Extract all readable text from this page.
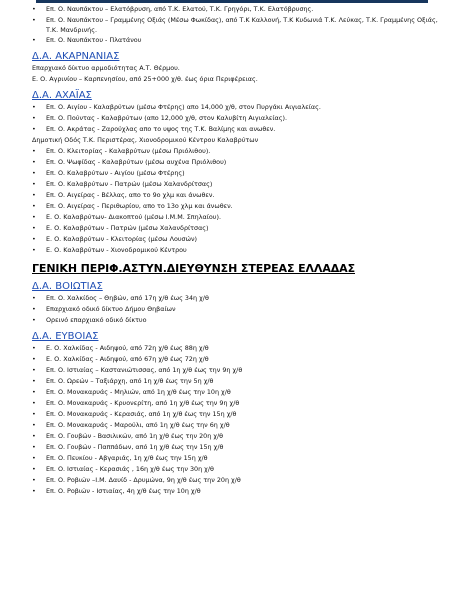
• Επ. Ο. Ναυπάκτου – Ελατόβρυση, από Τ.Κ. Ελατού, Τ.Κ. Γρηγόρι, Τ.Κ. Ελατόβρυσης.
• Επ. Ο. Ναυπάκτου – Γραμμένης Οξιάς (Μέσω Φωκίδας), από Τ.Κ Καλλονή, Τ.Κ Κυδωνιά Τ.Κ. Λεύκας, Τ.Κ. Γραμμένης Οξιάς, Τ.Κ. Μανδρινής.
• Επ. Ο. Ναυπάκτου - Πλατάνου
Δ.Α. ΑΚΑΡΝΑΝΙΑΣ
Επαρχιακό δίκτυο αρμοδιότητας Α.Τ. Θέρμου.
Ε. Ο. Αγρινίου – Καρπενησίου, από 25+000 χ/θ. έως όρια Περιφέρειας.
Δ.Α. ΑΧΑΪΑΣ
• Επ. Ο. Αιγίου - Καλαβρύτων (μέσω Φτέρης) απο 14,000 χ/θ, στον Πυργάκι Αιγιαλείας.
• Επ. Ο. Πούντας - Καλαβρύτων (απο 12,000 χ/θ, στον Καλυβίτη Αιγιαλείας).
• Επ. Ο. Ακράτας - Ζαρούχλας απο το υψος της Τ.Κ. Βαλίμης και ανωθεν.
Δημοτική Οδός Τ.Κ. Περιστέρας, Χιονοδρομικού Κέντρου Καλαβρύτων
• Επ. Ο. Κλειτορίας - Καλαβρύτων (μέσω Πριόλιθου).
• Επ. Ο. Ψωφίδας - Καλαβρύτων (μέσω αυχένα Πριόλιθου)
• Επ. Ο. Καλαβρύτων - Αιγίου (μέσω Φτέρης)
• Επ. Ο. Καλαβρύτων - Πατρών (μέσω Χαλανδρίτσας)
• Επ. Ο. Αιγείρας - Βέλλας, απο το 9ο χλμ και άνωθεν.
• Επ. Ο. Αιγείρας - Περιθωρίου, απο το 13ο χλμ και άνωθεν.
• Ε. Ο. Καλαβρύτων- Διακοπτού (μέσω Ι.Μ.Μ. Σπηλαίου).
• Ε. Ο. Καλαβρύτων - Πατρών (μέσω Χαλανδρίτσας)
• Ε. Ο. Καλαβρύτων - Κλειτορίας (μέσω Λουσών)
• Ε. Ο. Καλαβρύτων - Χιονοδρομικού Κέντρου
ΓΕΝΙΚΗ ΠΕΡΙΦ.ΑΣΤΥΝ.ΔΙΕΥΘΥΝΣΗ ΣΤΕΡΕΑΣ ΕΛΛΑΔΑΣ
Δ.Α. ΒΟΙΩΤΙΑΣ
• Επ. Ο. Χαλκίδος – Θηβών, από 17η χ/θ έως 34η χ/θ
• Επαρχιακό οδικό δίκτυο Δήμου Θηβαίων
• Ορεινό επαρχιακό οδικό δίκτυο
Δ.Α. ΕΥΒΟΙΑΣ
• Ε. Ο. Χαλκίδας - Αιδηψού, από 72η χ/θ έως 88η χ/θ
• Ε. Ο. Χαλκίδας - Αιδηψού, από 67η χ/θ έως 72η χ/θ
• Επ. Ο. Ιστιαίας – Καστανιώτισσας, από 1η χ/θ έως την 9η χ/θ
• Επ. Ο. Ωρεών – Ταξιάρχη, από 1η χ/θ έως την 5η χ/θ
• Επ. Ο. Μονακαρυάς - Μηλιών, από 1η χ/θ έως την 10η χ/θ
• Επ. Ο. Μονακαρυάς - Κρυονερίτη, από 1η χ/θ έως την 9η χ/θ
• Επ. Ο. Μονακαρυάς - Κερασιάς, από 1η χ/θ έως την 15η χ/θ
• Επ. Ο. Μονακαρυάς - Μαρούλι, από 1η χ/θ έως την 6η χ/θ
• Επ. Ο. Γουβών - Βασιλικών, από 1η χ/θ έως την 20η χ/θ
• Επ. Ο. Γουβών - Παππάδων, από 1η χ/θ έως την 15η χ/θ
• Επ. Ο. Πευκίου - Αβγαριάς, 1η χ/θ έως την 15η χ/θ
• Επ. Ο. Ιστιαίας - Κερασιάς , 16η χ/θ έως την 30η χ/θ
• Επ. Ο. Ροβιών –Ι.Μ. Δαυίδ - Δρυμώνα, 9η χ/θ έως την 20η χ/θ
• Επ. Ο. Ροβιών - Ιστιαίας, 4η χ/θ έως την 10η χ/θ
